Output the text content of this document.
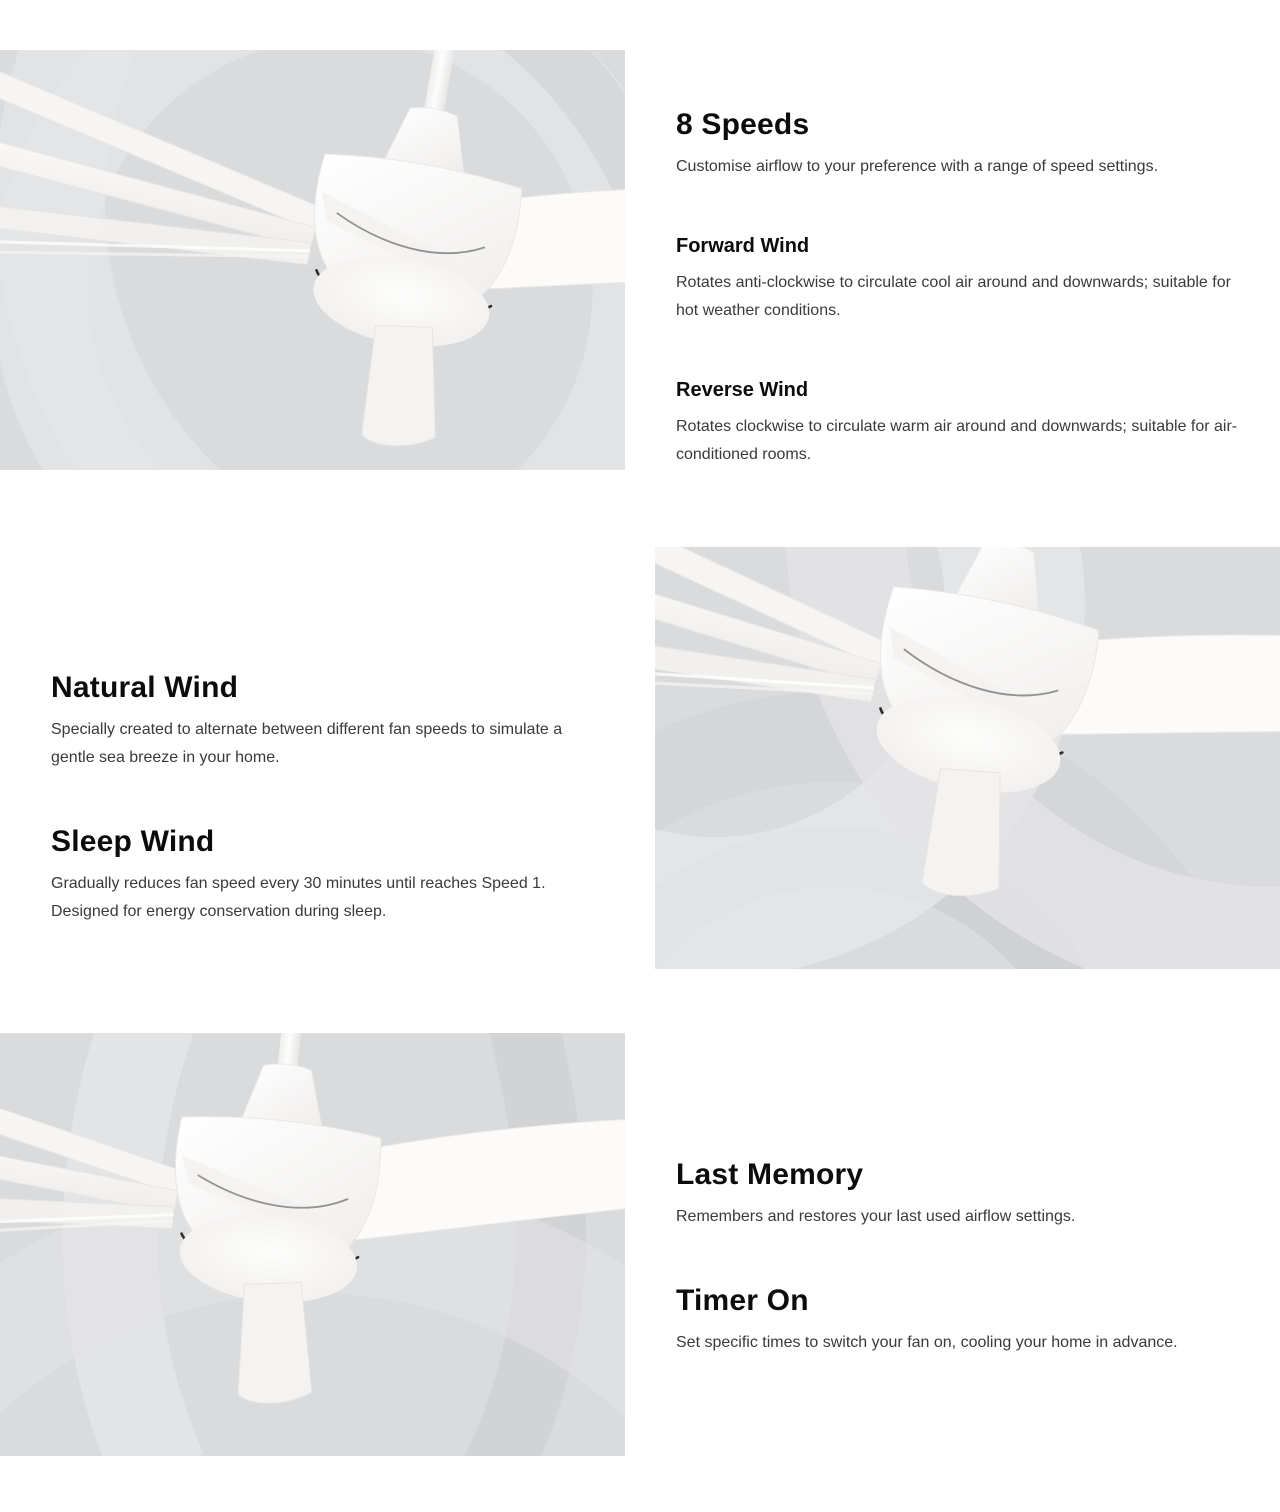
8 Speeds

Customise airflow to your preference with a range of speed settings.

Forward Wind

Rotates anti-clockwise to circulate cool air around and downwards; suitable for hot weather conditions.

Reverse Wind

Rotates clockwise to circulate warm air around and downwards; suitable for air-conditioned rooms.

Natural Wind

Specially created to alternate between different fan speeds to simulate a gentle sea breeze in your home.

Sleep Wind

Gradually reduces fan speed every 30 minutes until reaches Speed 1. Designed for energy conservation during sleep.

Last Memory

Remembers and restores your last used airflow settings.

Timer On

Set specific times to switch your fan on, cooling your home in advance.
